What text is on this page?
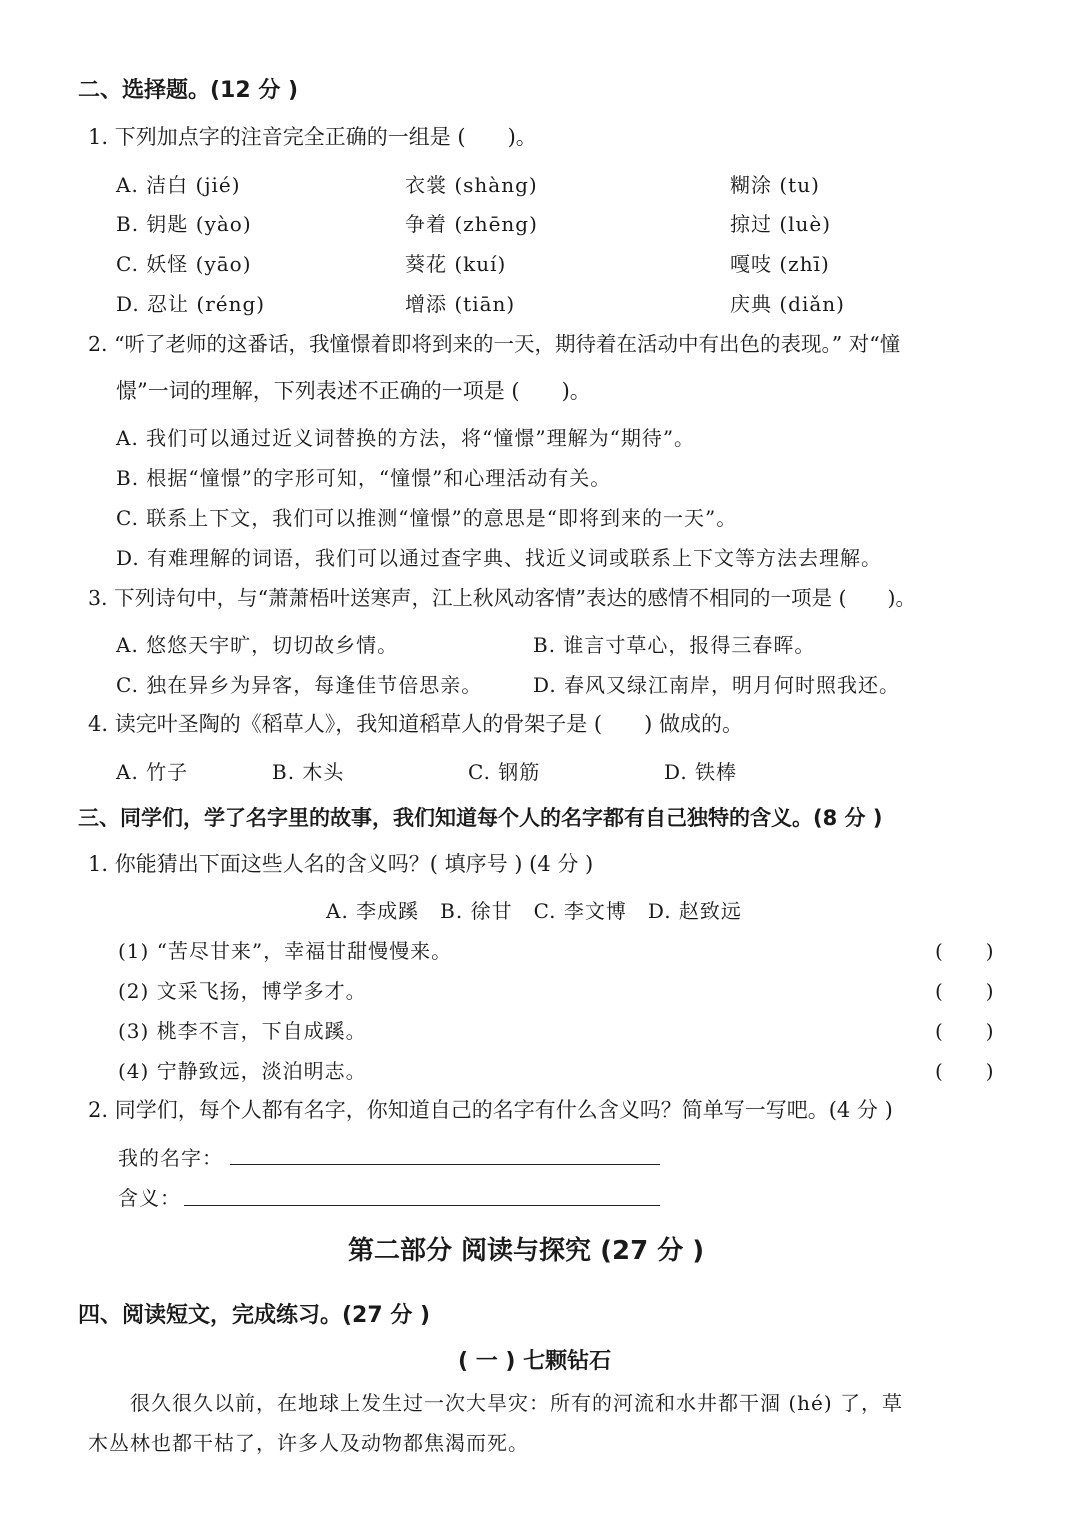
二、选择题。(12 分 )
1. 下列加点字的注音完全正确的一组是 (　　)。
A. 洁白 (jié)	衣裳 (shàng)	糊涂 (tu)
B. 钥匙 (yào)	争着 (zhēng)	掠过 (luè)
C. 妖怪 (yāo)	葵花 (kuí)	嘎吱 (zhī)
D. 忍让 (réng)	增添 (tiān)	庆典 (diǎn)
2. “听了老师的这番话，我憧憬着即将到来的一天，期待着在活动中有出色的表现。” 对“憧
憬”一词的理解，下列表述不正确的一项是 (　　)。
A. 我们可以通过近义词替换的方法，将“憧憬”理解为“期待”。
B. 根据“憧憬”的字形可知，“憧憬”和心理活动有关。
C. 联系上下文，我们可以推测“憧憬”的意思是“即将到来的一天”。
D. 有难理解的词语，我们可以通过查字典、找近义词或联系上下文等方法去理解。
3. 下列诗句中，与“萧萧梧叶送寒声，江上秋风动客情”表达的感情不相同的一项是 (　　)。
A. 悠悠天宇旷，切切故乡情。	B. 谁言寸草心，报得三春晖。
C. 独在异乡为异客，每逢佳节倍思亲。	D. 春风又绿江南岸，明月何时照我还。
4. 读完叶圣陶的《稻草人》，我知道稻草人的骨架子是 (　　) 做成的。
A. 竹子	B. 木头	C. 钢筋	D. 铁棒
三、同学们，学了名字里的故事，我们知道每个人的名字都有自己独特的含义。(8 分 )
1. 你能猜出下面这些人名的含义吗？( 填序号 ) (4 分 )
A. 李成蹊　B. 徐甘　C. 李文博　D. 赵致远
(1) “苦尽甘来”，幸福甘甜慢慢来。	(　　)
(2) 文采飞扬，博学多才。	(　　)
(3) 桃李不言，下自成蹊。	(　　)
(4) 宁静致远，淡泊明志。	(　　)
2. 同学们，每个人都有名字，你知道自己的名字有什么含义吗？简单写一写吧。(4 分 )
我的名字：
含义：
第二部分 阅读与探究 (27 分 )
四、阅读短文，完成练习。(27 分 )
( 一 ) 七颗钻石
　　很久很久以前，在地球上发生过一次大旱灾：所有的河流和水井都干涸 (hé) 了，草
木丛林也都干枯了，许多人及动物都焦渴而死。
